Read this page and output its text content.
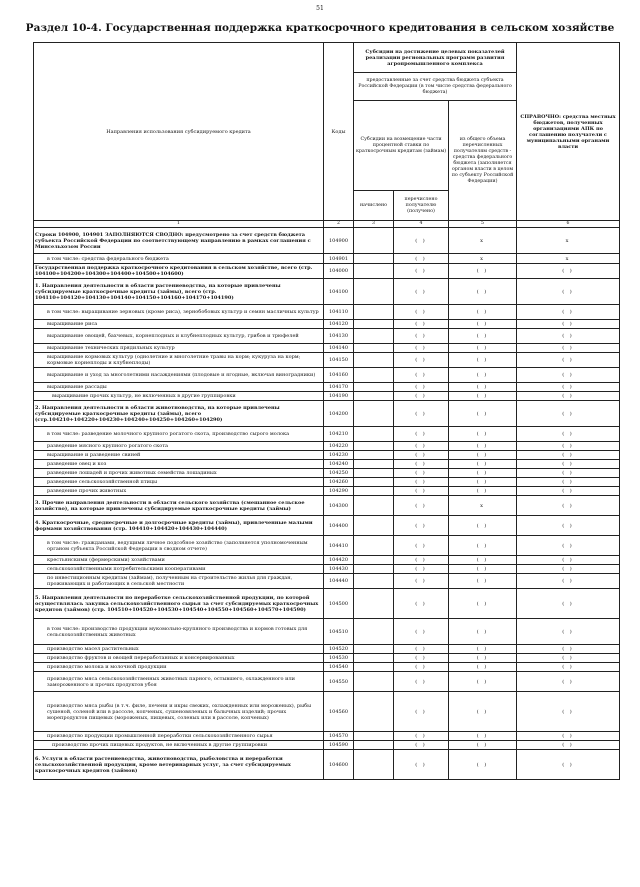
51
Раздел 10-4. Государственная поддержка краткосрочного кредитования в сельском хозяйстве
Направления использования субсидируемого кредита	Коды	Субсидии на достижение целевых показателей реализации региональных программ развития агропромышленного комплекса			СПРАВОЧНО: средства местных бюджетов, полученных организациями АПК по соглашению получатели с муниципальными органами власти
		предоставленные за счет средства бюджета субъекта Российской Федерации (в том числе средства федерального бюджета)			
		Субсидии на возмещение части процентной ставки по краткосрочным кредитам (займам)		из общего объема перечисленных получателям средств - средства федерального бюджета (заполняется органом власти в целом по субъекту Российской Федерации)	
		начислено	перечислено получателю (получено)		
1	2	3	4	5	6
Строки 104900, 104901 ЗАПОЛНЯЮТСЯ СВОДНО: предусмотрено за счет средств бюджета субъекта Российской Федерации по соответствующему направлению в рамках соглашения с Минсельхозом России	104900		( )	x	x
в том числе: средства федерального бюджета	104901		( )	x	x
Государственная поддержка краткосрочного кредитования в сельском хозяйстве, всего (стр. 104100+104200+104300+104400+104500+104600)	104000		( )	( )	( )
1. Направления деятельности в области растениеводства, на которые привлечены субсидируемые краткосрочные кредиты (займы), всего (стр. 104110+104120+104130+104140+104150+104160+104170+104190)	104100		( )	( )	( )
в том числе: выращивание зерновых (кроме риса), зернобобовых культур и семян масличных культур	104110		( )	( )	( )
выращивание риса	104120		( )	( )	( )
выращивание овощей, бахчевых, корнеплодных и клубнеплодных культур, грибов и трюфелей	104130		( )	( )	( )
выращивание технических прядильных культур	104140		( )	( )	( )
выращивание кормовых культур (однолетние и многолетние травы на корм; кукуруза на корм; кормовые корнеплоды и клубнеплоды)	104150		( )	( )	( )
выращивание и уход за многолетними насаждениями (плодовые и ягодные, включая виноградники)	104160		( )	( )	( )
выращивание рассады	104170		( )	( )	( )
выращивание прочих культур, не включенных в другие группировки	104190		( )	( )	( )
2. Направления деятельности в области животноводства, на которые привлечены субсидируемые краткосрочные кредиты (займы), всего (стр.104210+104220+104230+104240+104250+104260+104290)	104200		( )	( )	( )
в том числе: разведение молочного крупного рогатого скота, производство сырого молока	104210		( )	( )	( )
разведение мясного крупного рогатого скота	104220		( )	( )	( )
выращивание и разведение свиней	104230		( )	( )	( )
разведение овец и коз	104240		( )	( )	( )
разведение лошадей и прочих животных семейства лошадиных	104250		( )	( )	( )
разведение сельскохозяйственной птицы	104260		( )	( )	( )
разведение прочих животных	104290		( )	( )	( )
3. Прочие направления деятельности в области сельского хозяйства (смешанное сельское хозяйство), на которые привлечены субсидируемые краткосрочные кредиты (займы)	104300		( )	x	( )
4. Краткосрочные, среднесрочные и долгосрочные кредиты (займы), привлеченные малыми формами хозяйствования (стр. 104410+104420+104430+104440)	104400		( )	( )	( )
в том числе: гражданами, ведущими личное подсобное хозяйство (заполняется уполномоченным органом субъекта Российской Федерации в сводном отчете)	104410		( )	( )	( )
крестьянскими (фермерскими) хозяйствами	104420		( )	( )	( )
сельскохозяйственными потребительскими кооперативами	104430		( )	( )	( )
по инвестиционным кредитам (займам), полученным на строительство жилья для граждан, проживающих и работающих в сельской местности	104440		( )	( )	( )
5. Направления деятельности по переработке сельскохозяйственной продукции, по которой осуществлялась закупка сельскохозяйственного сырья за счет субсидируемых краткосрочных кредитов (займов) (стр. 104510+104520+104530+104540+104550+104560+104570+104590)	104500		( )	( )	( )
в том числе: производство продукции мукомольно-крупяного производства и кормов готовых для сельскохозяйственных животных	104510		( )	( )	( )
производство масел растительных	104520		( )	( )	( )
производство фруктов и овощей переработанных и консервированных	104530		( )	( )	( )
производство молока и молочной продукции	104540		( )	( )	( )
производство мяса сельскохозяйственных животных парного, остывшего, охлажденного или замороженного и прочих продуктов убоя	104550		( )	( )	( )
производство мяса рыбы (в т.ч. филе, печени и икры свежих, охлажденных или мороженых), рыбы сушеной, соленой или в рассоле, копченых, сушеновяленых и балычных изделий; прочих морепродуктов пищевых (мороженых, пищевых, соленых или в рассоле, копченых)	104560		( )	( )	( )
производство продукции промышленной переработки сельскохозяйственного сырья	104570		( )	( )	( )
производство прочих пищевых продуктов, не включенных в другие группировки	104590		( )	( )	( )
6. Услуги в области растениеводства, животноводства, рыболовства и переработки сельскохозяйственной продукции, кроме ветеринарных услуг, за счет субсидируемых краткосрочных кредитов (займов)	104600		( )	( )	( )
